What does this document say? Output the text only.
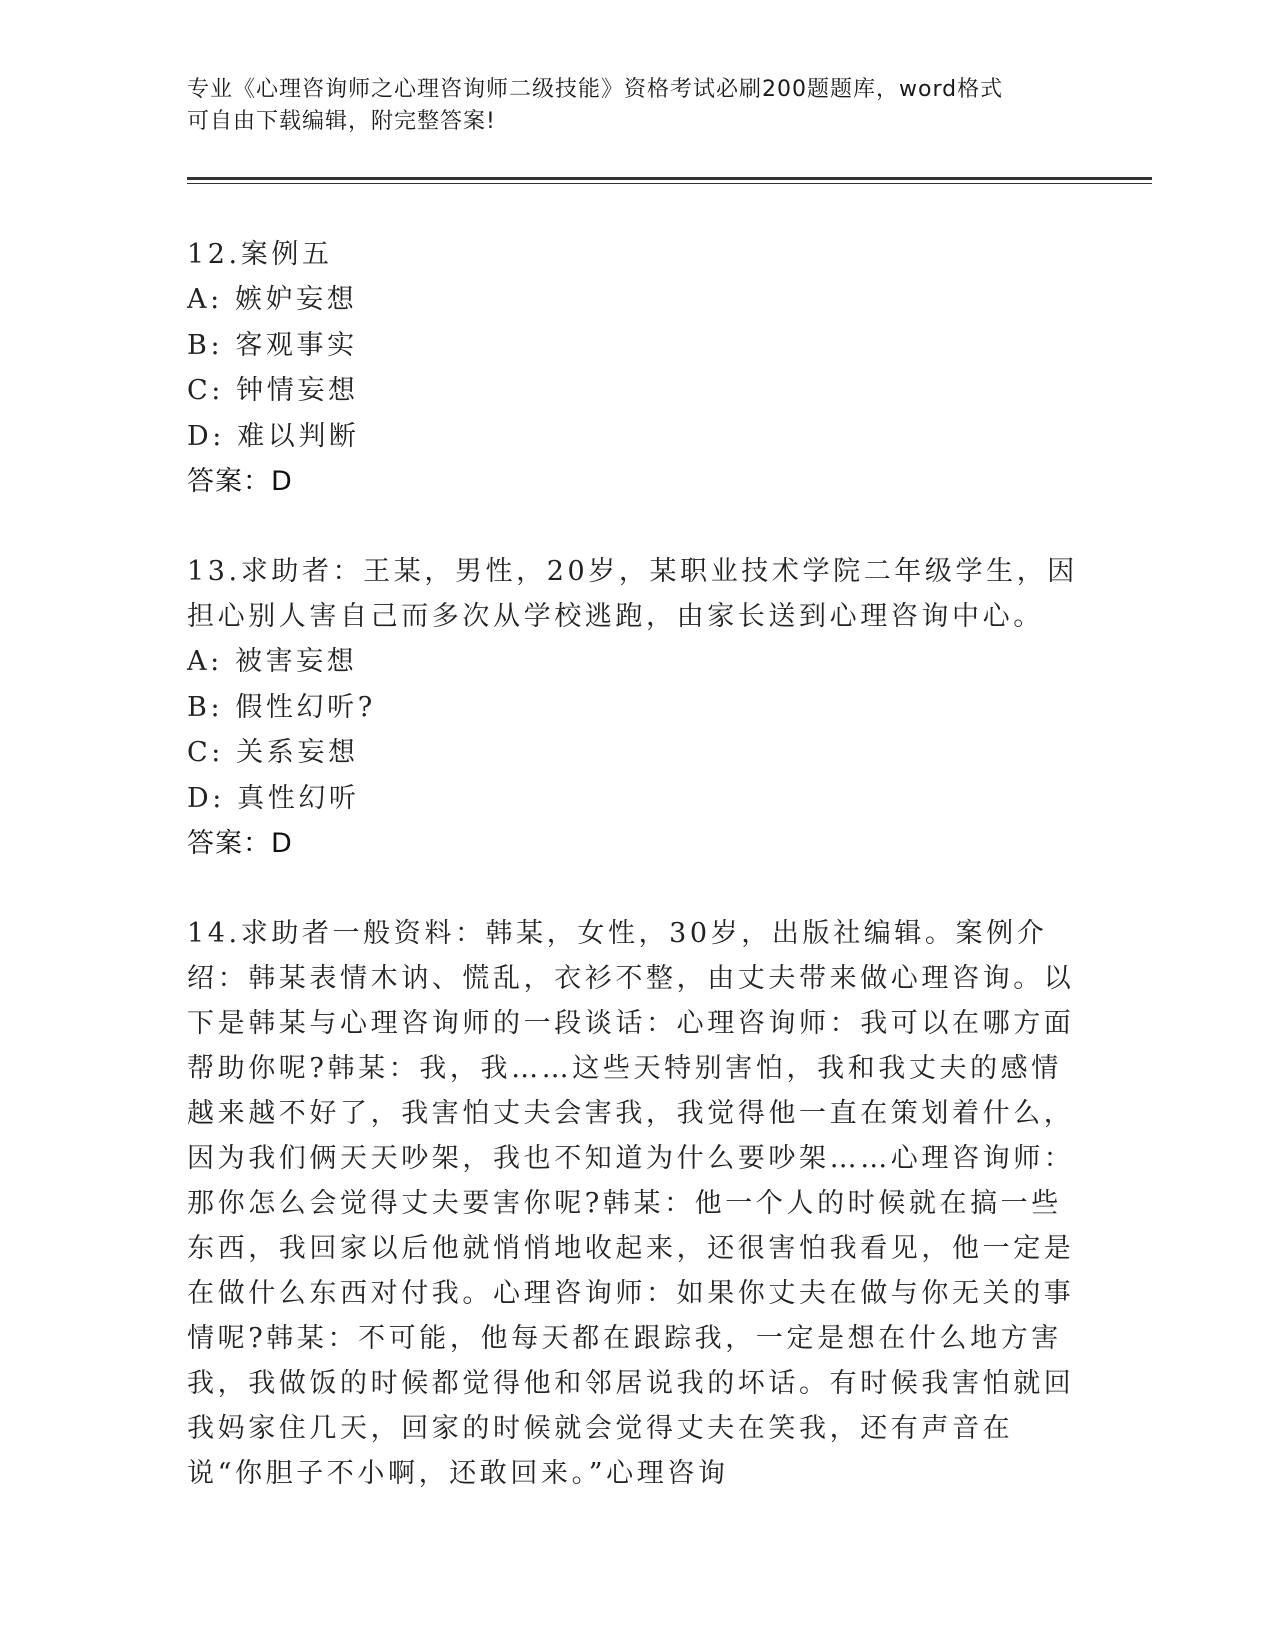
专业《心理咨询师之心理咨询师二级技能》资格考试必刷200题题库，word格式
可自由下载编辑，附完整答案!
12.案例五
A: 嫉妒妄想
B: 客观事实
C: 钟情妄想
D: 难以判断
答案：D
13.求助者：王某，男性，20岁，某职业技术学院二年级学生，因担心别人害自己而多次从学校逃跑，由家长送到心理咨询中心。
A: 被害妄想
B: 假性幻听?
C: 关系妄想
D: 真性幻听
答案：D
14.求助者一般资料：韩某，女性，30岁，出版社编辑。案例介绍：韩某表情木讷、慌乱，衣衫不整，由丈夫带来做心理咨询。以下是韩某与心理咨询师的一段谈话：心理咨询师：我可以在哪方面帮助你呢?韩某：我，我……这些天特别害怕，我和我丈夫的感情越来越不好了，我害怕丈夫会害我，我觉得他一直在策划着什么，因为我们俩天天吵架，我也不知道为什么要吵架……心理咨询师：那你怎么会觉得丈夫要害你呢?韩某：他一个人的时候就在搞一些东西，我回家以后他就悄悄地收起来，还很害怕我看见，他一定是在做什么东西对付我。心理咨询师：如果你丈夫在做与你无关的事情呢?韩某：不可能，他每天都在跟踪我，一定是想在什么地方害我，我做饭的时候都觉得他和邻居说我的坏话。有时候我害怕就回我妈家住几天，回家的时候就会觉得丈夫在笑我，还有声音在说“你胆子不小啊，还敢回来。”心理咨询
